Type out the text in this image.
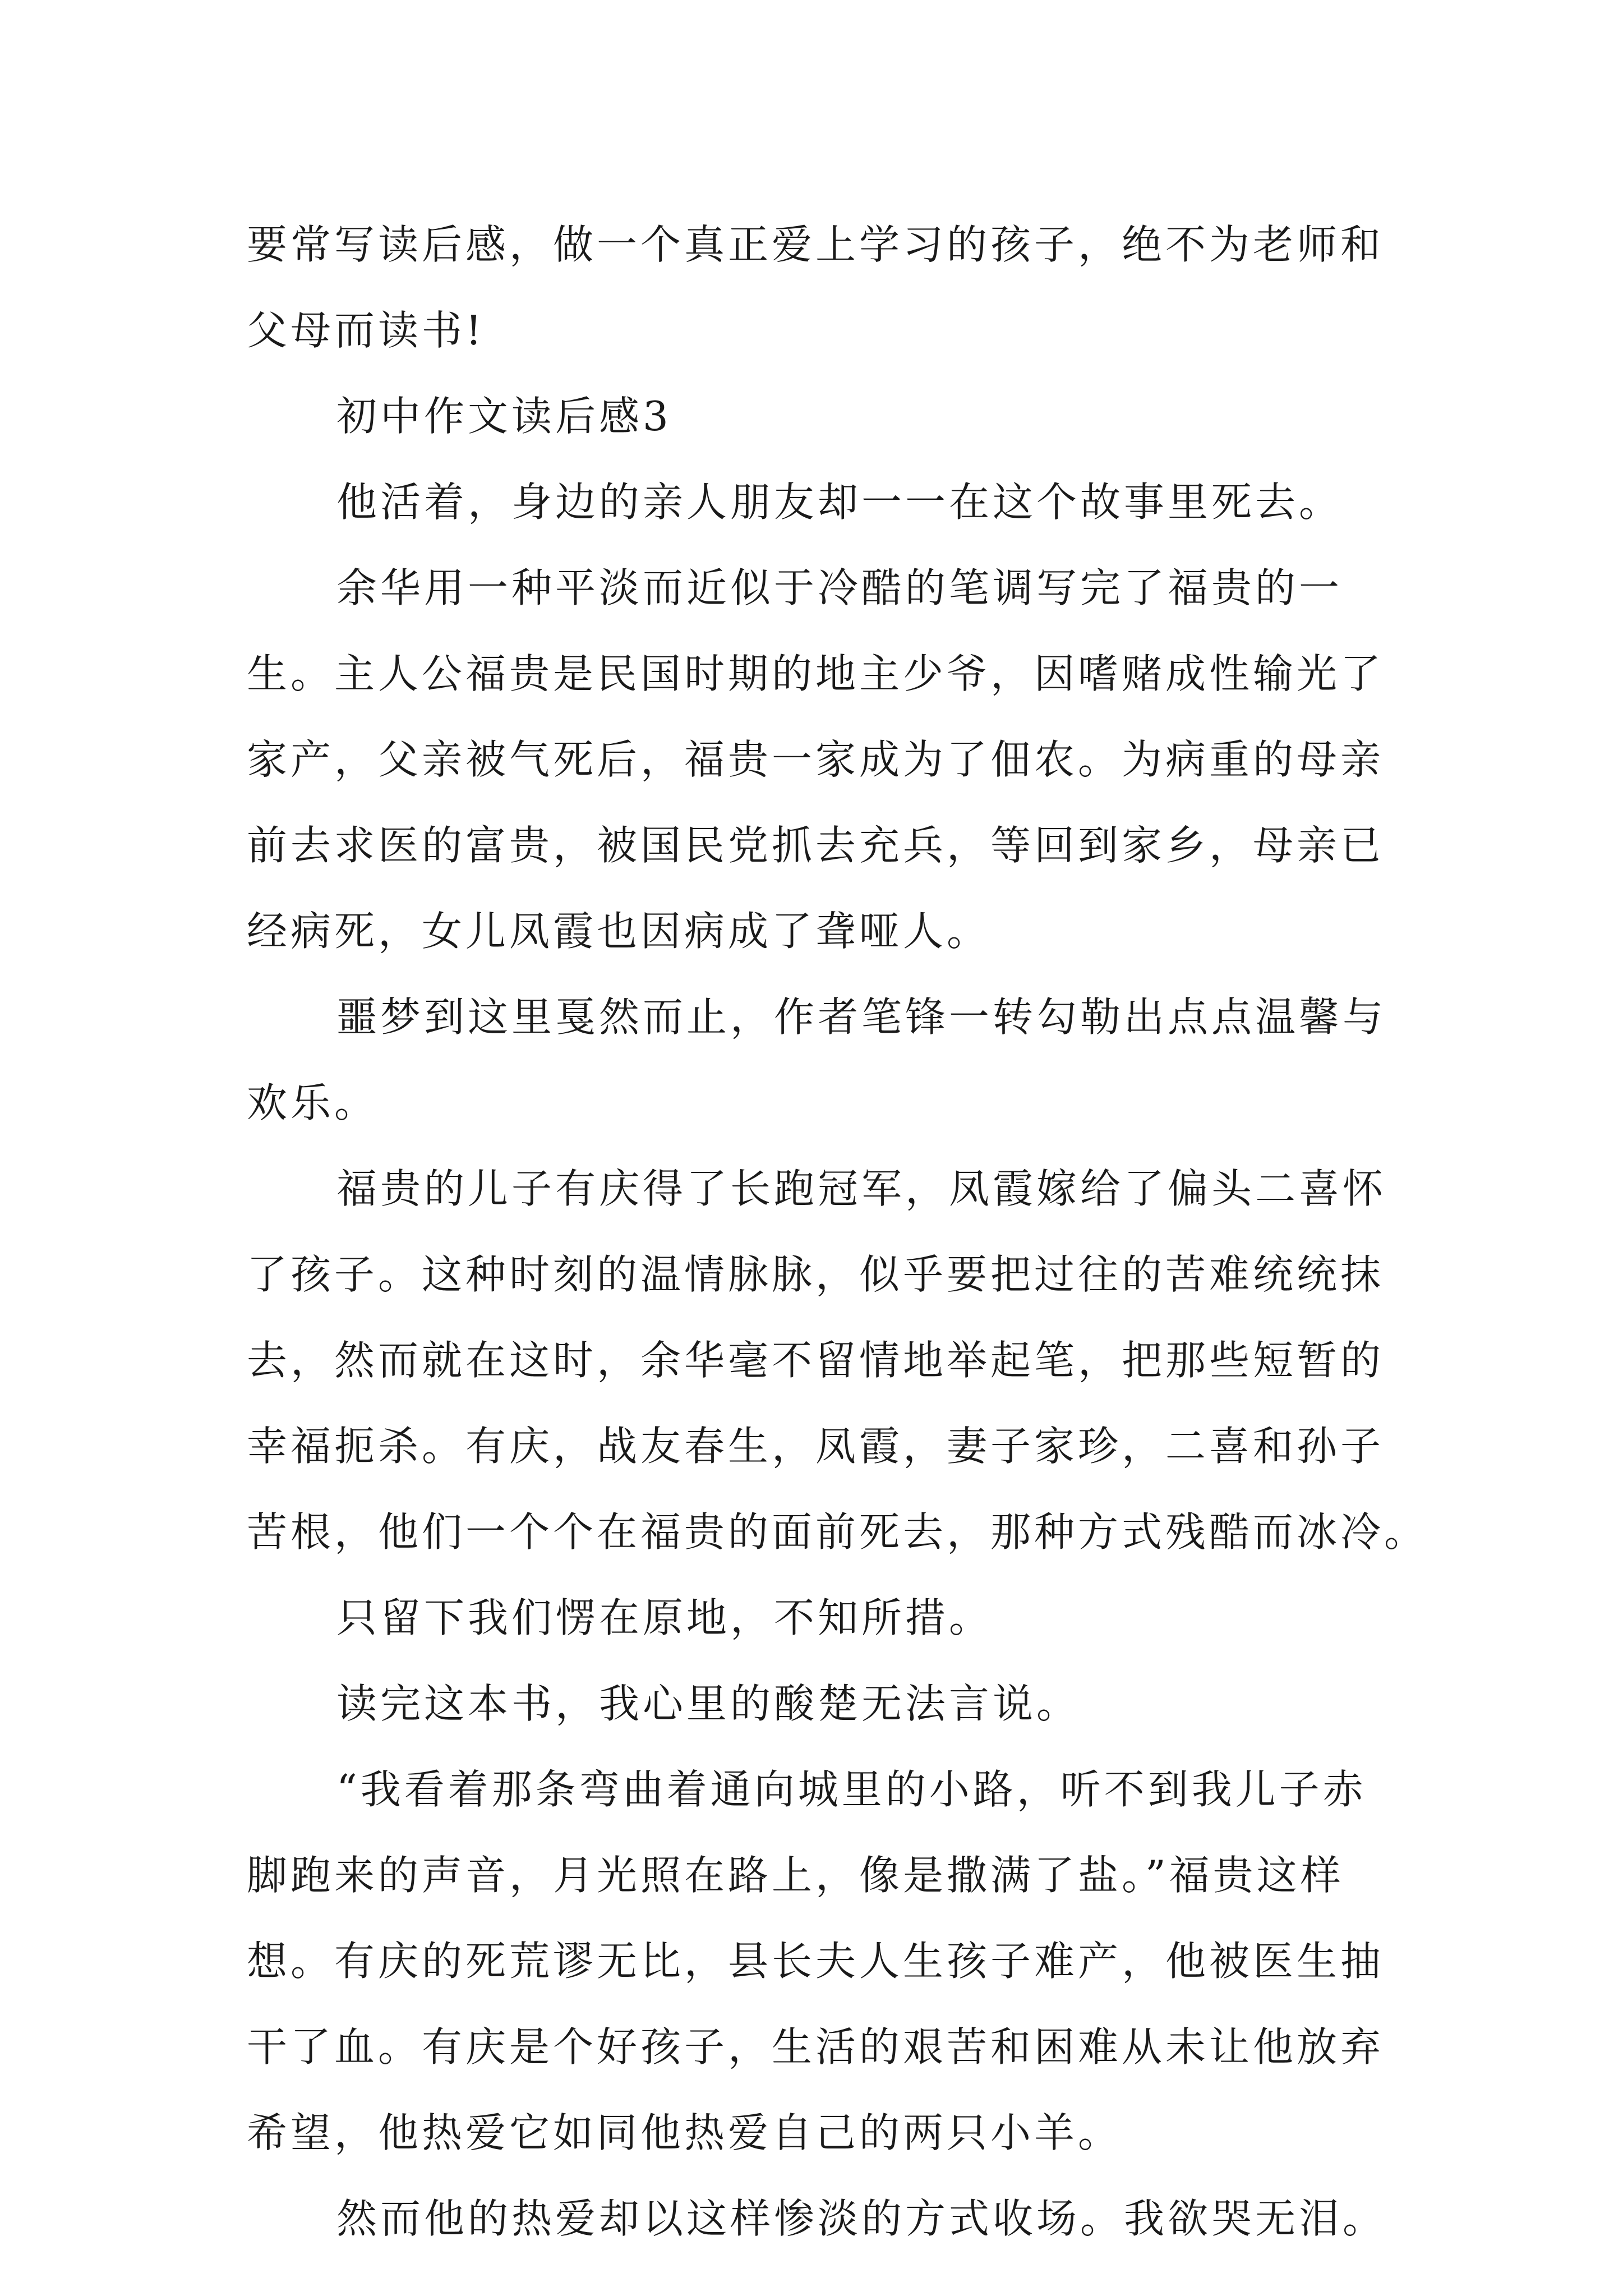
要常写读后感，做一个真正爱上学习的孩子，绝不为老师和
父母而读书!
初中作文读后感3
他活着，身边的亲人朋友却一一在这个故事里死去。
余华用一种平淡而近似于冷酷的笔调写完了福贵的一
生。主人公福贵是民国时期的地主少爷，因嗜赌成性输光了
家产，父亲被气死后，福贵一家成为了佃农。为病重的母亲
前去求医的富贵，被国民党抓去充兵，等回到家乡，母亲已
经病死，女儿凤霞也因病成了聋哑人。
噩梦到这里戛然而止，作者笔锋一转勾勒出点点温馨与
欢乐。
福贵的儿子有庆得了长跑冠军，凤霞嫁给了偏头二喜怀
了孩子。这种时刻的温情脉脉，似乎要把过往的苦难统统抹
去，然而就在这时，余华毫不留情地举起笔，把那些短暂的
幸福扼杀。有庆，战友春生，凤霞，妻子家珍，二喜和孙子
苦根，他们一个个在福贵的面前死去，那种方式残酷而冰冷。
只留下我们愣在原地，不知所措。
读完这本书，我心里的酸楚无法言说。
“我看着那条弯曲着通向城里的小路，听不到我儿子赤
脚跑来的声音，月光照在路上，像是撒满了盐。”福贵这样
想。有庆的死荒谬无比，县长夫人生孩子难产，他被医生抽
干了血。有庆是个好孩子，生活的艰苦和困难从未让他放弃
希望，他热爱它如同他热爱自己的两只小羊。
然而他的热爱却以这样惨淡的方式收场。我欲哭无泪。
